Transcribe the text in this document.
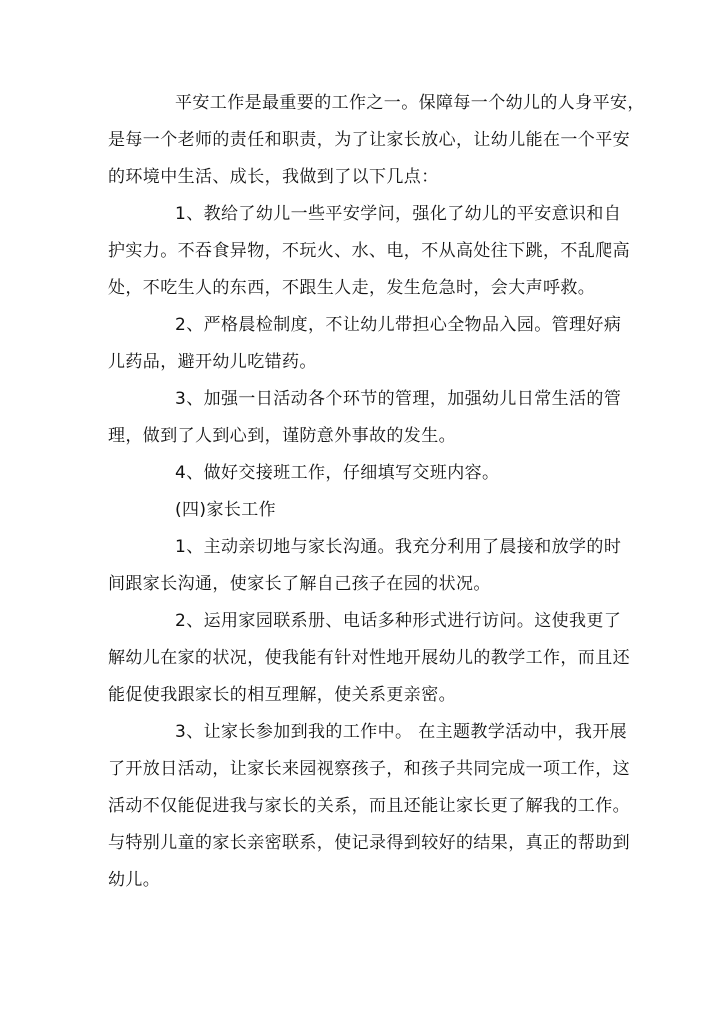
平安工作是最重要的工作之一。保障每一个幼儿的人身平安，
是每一个老师的责任和职责，为了让家长放心，让幼儿能在一个平安
的环境中生活、成长，我做到了以下几点：
1、教给了幼儿一些平安学问，强化了幼儿的平安意识和自
护实力。不吞食异物，不玩火、水、电，不从高处往下跳，不乱爬高
处，不吃生人的东西，不跟生人走，发生危急时，会大声呼救。
2、严格晨检制度，不让幼儿带担心全物品入园。管理好病
儿药品，避开幼儿吃错药。
3、加强一日活动各个环节的管理，加强幼儿日常生活的管
理，做到了人到心到，谨防意外事故的发生。
4、做好交接班工作，仔细填写交班内容。
(四)家长工作
1、主动亲切地与家长沟通。我充分利用了晨接和放学的时
间跟家长沟通，使家长了解自己孩子在园的状况。
2、运用家园联系册、电话多种形式进行访问。这使我更了
解幼儿在家的状况，使我能有针对性地开展幼儿的教学工作，而且还
能促使我跟家长的相互理解，使关系更亲密。
3、让家长参加到我的工作中。 在主题教学活动中，我开展
了开放日活动，让家长来园视察孩子，和孩子共同完成一项工作，这
活动不仅能促进我与家长的关系，而且还能让家长更了解我的工作。
与特别儿童的家长亲密联系，使记录得到较好的结果，真正的帮助到
幼儿。
